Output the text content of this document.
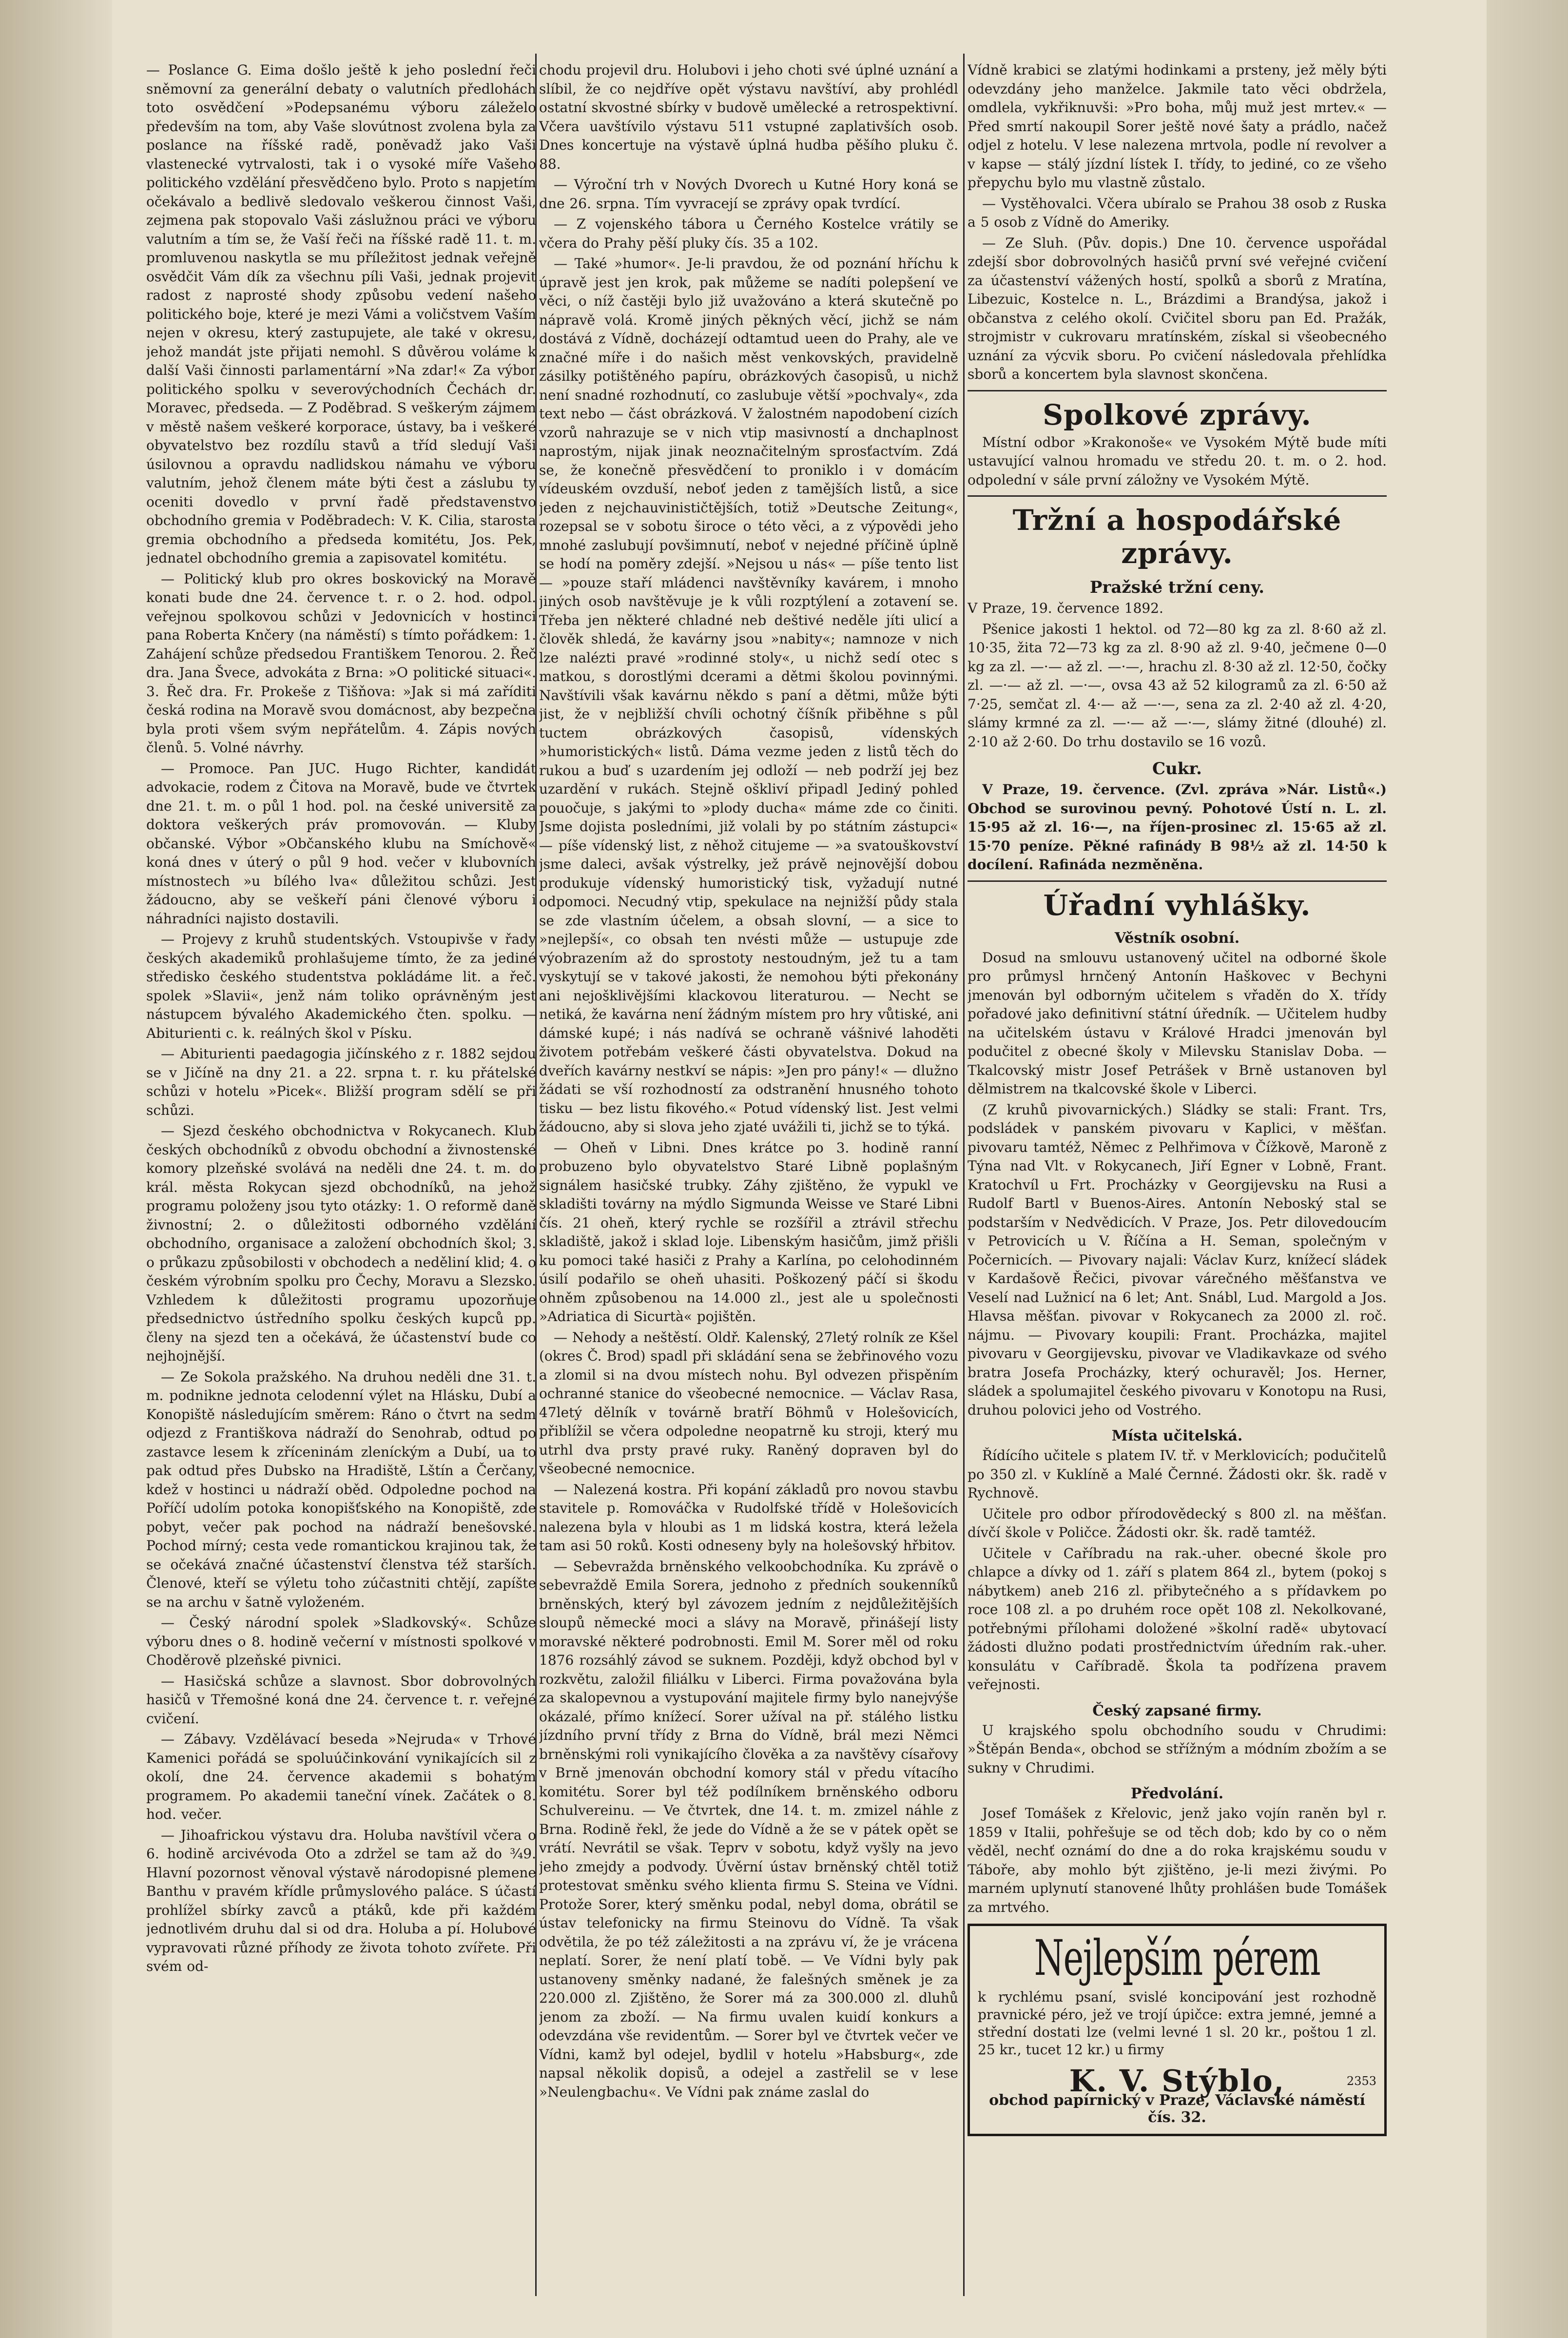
— Poslance G. Eima došlo ještě k jeho poslední řeči sněmovní za generální debaty o valutních předlohách toto osvědčení »Podepsanému výboru záleželo především na tom, aby Vaše slovútnost zvolena byla za poslance na říšské radě, poněvadž jako Vaši vlastenecké vytrvalosti, tak i o vysoké míře Vašeho politického vzdělání přesvědčeno bylo. Proto s napjetím očekávalo a bedlivě sledovalo veškerou činnost Vaši, zejmena pak stopovalo Vaši záslužnou práci ve výboru valutním a tím se, že Vaší řeči na říšské radě 11. t. m. promluvenou naskytla se mu příležitost jednak veřejně osvědčit Vám dík za všechnu píli Vaši, jednak projevit radost z naprosté shody způsobu vedení našeho politického boje, které je mezi Vámi a voličstvem Vaším nejen v okresu, který zastupujete, ale také v okresu, jehož mandát jste přijati nemohl. S důvěrou voláme k další Vaši činnosti parlamentární »Na zdar!« Za výbor politického spolku v severovýchodních Čechách dr. Moravec, předseda. — Z Poděbrad. S veškerým zájmem v městě našem veškeré korporace, ústavy, ba i veškeré obyvatelstvo bez rozdílu stavů a tříd sledují Vaši úsilovnou a opravdu nadlidskou námahu ve výboru valutním, jehož členem máte býti čest a záslubu ty oceniti dovedlo v první řadě představenstvo obchodního gremia v Poděbradech: V. K. Cilia, starosta gremia obchodního a předseda komitétu, Jos. Pek, jednatel obchodního gremia a zapisovatel komitétu.

— Politický klub pro okres boskovický na Moravě konati bude dne 24. července t. r. o 2. hod. odpol. veřejnou spolkovou schůzi v Jedovnicích v hostinci pana Roberta Knčery (na náměstí) s tímto pořádkem: 1. Zahájení schůze předsedou Františkem Tenorou. 2. Řeč dra. Jana Švece, advokáta z Brna: »O politické situaci«. 3. Řeč dra. Fr. Prokeše z Tišňova: »Jak si má zaříditi česká rodina na Moravě svou domácnost, aby bezpečna byla proti všem svým nepřátelům. 4. Zápis nových členů. 5. Volné návrhy.

— Promoce. Pan JUC. Hugo Richter, kandidát advokacie, rodem z Čitova na Moravě, bude ve čtvrtek dne 21. t. m. o půl 1 hod. pol. na české universitě za doktora veškerých práv promovován. — Kluby občanské. Výbor »Občanského klubu na Smíchově« koná dnes v úterý o půl 9 hod. večer v klubovních místnostech »u bílého lva« důležitou schůzi. Jest žádoucno, aby se veškeří páni členové výboru i náhradníci najisto dostavili.

— Projevy z kruhů studentských. Vstoupivše v řady českých akademiků prohlašujeme tímto, že za jediné středisko českého studentstva pokládáme lit. a řeč. spolek »Slavii«, jenž nám toliko oprávněným jest nástupcem bývalého Akademického čten. spolku. — Abiturienti c. k. reálných škol v Písku.

— Abiturienti paedagogia jičínského z r. 1882 sejdou se v Jičíně na dny 21. a 22. srpna t. r. ku přátelské schůzi v hotelu »Picek«. Bližší program sdělí se při schůzi.

— Sjezd českého obchodnictva v Rokycanech. Klub českých obchodníků z obvodu obchodní a živnostenské komory plzeňské svolává na neděli dne 24. t. m. do král. města Rokycan sjezd obchodníků, na jehož programu položeny jsou tyto otázky: 1. O reformě daně živnostní; 2. o důležitosti odborného vzdělání obchodního, organisace a založení obchodních škol; 3. o průkazu způsobilosti v obchodech a neděliní klid; 4. o českém výrobním spolku pro Čechy, Moravu a Slezsko. Vzhledem k důležitosti programu upozorňuje předsednictvo ústředního spolku českých kupců pp. členy na sjezd ten a očekává, že účastenství bude co nejhojnější.

— Ze Sokola pražského. Na druhou neděli dne 31. t. m. podnikne jednota celodenní výlet na Hlásku, Dubí a Konopiště následujícím směrem: Ráno o čtvrt na sedm odjezd z Františkova nádraží do Senohrab, odtud po zastavce lesem k zříceninám zleníckým a Dubí, ua to pak odtud přes Dubsko na Hradiště, Lštín a Čerčany, kdež v hostinci u nádraží oběd. Odpoledne pochod na Poříčí udolím potoka konopišťského na Konopiště, zde pobyt, večer pak pochod na nádraží benešovské. Pochod mírný; cesta vede romantickou krajinou tak, že se očekává značné účastenství členstva též starších. Členové, kteří se výletu toho zúčastniti chtějí, zapíšte se na archu v šatně vyloženém.

— Český národní spolek »Sladkovský«. Schůze výboru dnes o 8. hodině večerní v místnosti spolkové v Choděrově plzeňské pivnici.

— Hasičská schůze a slavnost. Sbor dobrovolných hasičů v Třemošné koná dne 24. července t. r. veřejné cvičení.

— Zábavy. Vzdělávací beseda »Nejruda« v Trhové Kamenici pořádá se spoluúčinkování vynikajících sil z okolí, dne 24. července akademii s bohatým programem. Po akademii taneční vínek. Začátek o 8. hod. večer.

— Jihoafrickou výstavu dra. Holuba navštívil včera o 6. hodině arcivévoda Oto a zdržel se tam až do ¾9. Hlavní pozornost věnoval výstavě národopisné plemene Banthu v pravém křídle průmyslového paláce. S účastí prohlížel sbírky zavců a ptáků, kde při každém jednotlivém druhu dal si od dra. Holuba a pí. Holubové vypravovati různé příhody ze života tohoto zvířete. Při svém od-

chodu projevil dru. Holubovi i jeho choti své úplné uznání a slíbil, že co nejdříve opět výstavu navštíví, aby prohlédl ostatní skvostné sbírky v budově umělecké a retrospektivní. Včera uavštívilo výstavu 511 vstupné zaplativších osob. Dnes koncertuje na výstavě úplná hudba pěšího pluku č. 88.

— Výroční trh v Nových Dvorech u Kutné Hory koná se dne 26. srpna. Tím vyvracejí se zprávy opak tvrdící.

— Z vojenského tábora u Černého Kostelce vrátily se včera do Prahy pěší pluky čís. 35 a 102.

— Také »humor«. Je-li pravdou, že od poznání hříchu k úpravě jest jen krok, pak můžeme se nadíti polepšení ve věci, o níž častěji bylo již uvažováno a která skutečně po nápravě volá. Kromě jiných pěkných věcí, jichž se nám dostává z Vídně, docházejí odtamtud ueen do Prahy, ale ve značné míře i do našich měst venkovských, pravidelně zásilky potištěného papíru, obrázkových časopisů, u nichž není snadné rozhodnutí, co zaslubuje větší »pochvaly«, zda text nebo — část obrázková. V žalostném napodobení cizích vzorů nahrazuje se v nich vtip masivností a dnchaplnost naprostým, nijak jinak neoznačitelným sprosťactvím. Zdá se, že konečně přesvědčení to proniklo i v domácím vídeuském ovzduší, neboť jeden z tamějších listů, a sice jeden z nejchauvinističtějších, totiž »Deutsche Zeitung«, rozepsal se v sobotu široce o této věci, a z výpovědi jeho mnohé zaslubují povšimnutí, neboť v nejedné příčině úplně se hodí na poměry zdejší. »Nejsou u nás« — píše tento list — »pouze staří mládenci navštěvníky kavárem, i mnoho jiných osob navštěvuje je k vůli rozptýlení a zotavení se. Třeba jen některé chladné neb deštivé neděle jíti ulicí a člověk shledá, že kavárny jsou »nabity«; namnoze v nich lze nalézti pravé »rodinné stoly«, u nichž sedí otec s matkou, s dorostlými dcerami a dětmi školou povinnými. Navštívili však kavárnu někdo s paní a dětmi, může býti jist, že v nejbližší chvíli ochotný číšník přiběhne s půl tuctem obrázkových časopisů, vídenských »humoristických« listů. Dáma vezme jeden z listů těch do rukou a buď s uzardením jej odloží — neb podrží jej bez uzardění v rukách. Stejně oškliví připadl Jediný pohled pouočuje, s jakými to »plody ducha« máme zde co činiti. Jsme dojista posledními, již volali by po státním zástupci« — píše vídenský list, z něhož citujeme — »a svatouškovství jsme daleci, avšak výstrelky, jež právě nejnovější dobou produkuje vídenský humoristický tisk, vyžadují nutné odpomoci. Necudný vtip, spekulace na nejnižší půdy stala se zde vlastním účelem, a obsah slovní, — a sice to »nejlepší«, co obsah ten nvésti může — ustupuje zde výobrazením až do sprostoty nestoudným, jež tu a tam vyskytují se v takové jakosti, že nemohou býti překonány ani nejošklivějšími klackovou literaturou. — Necht se netiká, že kavárna není žádným místem pro hry vůtiské, ani dámské kupé; i nás nadívá se ochraně vášnivé lahoděti životem potřebám veškeré části obyvatelstva. Dokud na dveřích kavárny nestkví se nápis: »Jen pro pány!« — dlužno žádati se vší rozhodností za odstranění hnusného tohoto tisku — bez listu fikového.« Potud vídenský list. Jest velmi žádoucno, aby si slova jeho zjaté uvážili ti, jichž se to týká.

— Oheň v Libni. Dnes krátce po 3. hodině ranní probuzeno bylo obyvatelstvo Staré Libně poplašným signálem hasičské trubky. Záhy zjištěno, že vypukl ve skladišti továrny na mýdlo Sigmunda Weisse ve Staré Libni čís. 21 oheň, který rychle se rozšířil a ztrávil střechu skladiště, jakož i sklad loje. Libenským hasičům, jimž přišli ku pomoci také hasiči z Prahy a Karlína, po celohodinném úsilí podařilo se oheň uhasiti. Poškozený páčí si škodu ohněm způsobenou na 14.000 zl., jest ale u společnosti »Adriatica di Sicurtà« pojištěn.

— Nehody a neštěstí. Oldř. Kalenský, 27letý rolník ze Kšel (okres Č. Brod) spadl při skládání sena se žebřinového vozu a zlomil si na dvou místech nohu. Byl odvezen přispěním ochranné stanice do všeobecné nemocnice. — Václav Rasa, 47letý dělník v továrně bratří Böhmů v Holešovicích, přiblížil se včera odpoledne neopatrně ku stroji, který mu utrhl dva prsty pravé ruky. Raněný dopraven byl do všeobecné nemocnice.

— Nalezená kostra. Při kopání základů pro novou stavbu stavitele p. Romováčka v Rudolfské třídě v Holešovicích nalezena byla v hloubi as 1 m lidská kostra, která ležela tam asi 50 roků. Kosti odneseny byly na holešovský hřbitov.

— Sebevražda brněnského velkoobchodníka. Ku zprávě o sebevraždě Emila Sorera, jednoho z předních soukenníků brněnských, který byl závozem jedním z nejdůležitějších sloupů německé moci a slávy na Moravě, přinášejí listy moravské některé podrobnosti. Emil M. Sorer měl od roku 1876 rozsáhlý závod se suknem. Později, když obchod byl v rozkvětu, založil filiálku v Liberci. Firma považována byla za skalopevnou a vystupování majitele firmy bylo nanejvýše okázalé, přímo knížecí. Sorer užíval na př. stálého listku jízdního první třídy z Brna do Vídně, brál mezi Němci brněnskými roli vynikajícího člověka a za navštěvy císařovy v Brně jmenován obchodní komory stál v předu vítacího komitétu. Sorer byl též podílníkem brněnského odboru Schulvereinu. — Ve čtvrtek, dne 14. t. m. zmizel náhle z Brna. Rodině řekl, že jede do Vídně a že se v pátek opět se vrátí. Nevrátil se však. Teprv v sobotu, když vyšly na jevo jeho zmejdy a podvody. Úvěrní ústav brněnský chtěl totiž protestovat směnku svého klienta firmu S. Steina ve Vídni. Protože Sorer, který směnku podal, nebyl doma, obrátil se ústav telefonicky na firmu Steinovu do Vídně. Ta však odvětila, že po též záležitosti a na zprávu ví, že je vrácena neplatí. Sorer, že není platí tobě. — Ve Vídni byly pak ustanoveny směnky nadané, že falešných směnek je za 220.000 zl. Zjištěno, že Sorer má za 300.000 zl. dluhů jenom za zboží. — Na firmu uvalen kuidí konkurs a odevzdána vše revidentům. — Sorer byl ve čtvrtek večer ve Vídni, kamž byl odejel, bydlil v hotelu »Habsburg«, zde napsal několik dopisů, a odejel a zastřelil se v lese »Neulengbachu«. Ve Vídni pak známe zaslal do

Vídně krabici se zlatými hodinkami a prsteny, jež měly býti odevzdány jeho manželce. Jakmile tato věci obdržela, omdlela, vykřiknuvši: »Pro boha, můj muž jest mrtev.« — Před smrtí nakoupil Sorer ještě nové šaty a prádlo, načež odjel z hotelu. V lese nalezena mrtvola, podle ní revolver a v kapse — stálý jízdní lístek I. třídy, to jediné, co ze všeho přepychu bylo mu vlastně zůstalo.

— Vystěhovalci. Včera ubíralo se Prahou 38 osob z Ruska a 5 osob z Vídně do Ameriky.

— Ze Sluh. (Pův. dopis.) Dne 10. července uspořádal zdejší sbor dobrovolných hasičů první své veřejné cvičení za účastenství vážených hostí, spolků a sborů z Mratína, Libezuic, Kostelce n. L., Brázdimi a Brandýsa, jakož i občanstva z celého okolí. Cvičitel sboru pan Ed. Pražák, strojmistr v cukrovaru mratínském, získal si všeobecného uznání za výcvik sboru. Po cvičení následovala přehlídka sborů a koncertem byla slavnost skončena.

Spolkové zprávy.

Místní odbor »Krakonoše« ve Vysokém Mýtě bude míti ustavující valnou hromadu ve středu 20. t. m. o 2. hod. odpolední v sále první záložny ve Vysokém Mýtě.

Tržní a hospodářské zprávy.
Pražské tržní ceny.

V Praze, 19. července 1892.

Pšenice jakosti 1 hektol. od 72—80 kg za zl. 8·60 až zl. 10·35, žita 72—73 kg za zl. 8·90 až zl. 9·40, ječmene 0—0 kg za zl. —·— až zl. —·—, hrachu zl. 8·30 až zl. 12·50, čočky zl. —·— až zl. —·—, ovsa 43 až 52 kilogramů za zl. 6·50 až 7·25, semčat zl. 4·— až —·—, sena za zl. 2·40 až zl. 4·20, slámy krmné za zl. —·— až —·—, slámy žitné (dlouhé) zl. 2·10 až 2·60. Do trhu dostavilo se 16 vozů.

Cukr.

V Praze, 19. července. (Zvl. zpráva »Nár. Listů«.) Obchod se surovinou pevný. Pohotové Ústí n. L. zl. 15·95 až zl. 16·—, na říjen-prosinec zl. 15·65 až zl. 15·70 peníze. Pěkné rafinády B 98½ až zl. 14·50 k docílení. Rafináda nezměněna.

Úřadní vyhlášky.
Věstník osobní.

Dosud na smlouvu ustanovený učitel na odborné škole pro průmysl hrnčený Antonín Haškovec v Bechyni jmenován byl odborným učitelem s vřaděn do X. třídy pořadové jako definitivní státní úředník. — Učitelem hudby na učitelském ústavu v Králové Hradci jmenován byl podučitel z obecné školy v Milevsku Stanislav Doba. — Tkalcovský mistr Josef Petrášek v Brně ustanoven byl dělmistrem na tkalcovské škole v Liberci.

(Z kruhů pivovarnických.) Sládky se stali: Frant. Trs, podsládek v panském pivovaru v Kaplici, v měšťan. pivovaru tamtéž, Němec z Pelhřimova v Čížkově, Maroně z Týna nad Vlt. v Rokycanech, Jiří Egner v Lobně, Frant. Kratochvíl u Frt. Procházky v Georgijevsku na Rusi a Rudolf Bartl v Buenos-Aires. Antonín Neboský stal se podstarším v Nedvědicích. V Praze, Jos. Petr dilovedoucím v Petrovicích u V. Říčína a H. Seman, společným v Počernicích. — Pivovary najali: Václav Kurz, knížecí sládek v Kardašově Řečici, pivovar várečného měšťanstva ve Veselí nad Lužnicí na 6 let; Ant. Snábl, Lud. Margold a Jos. Hlavsa měšťan. pivovar v Rokycanech za 2000 zl. roč. nájmu. — Pivovary koupili: Frant. Procházka, majitel pivovaru v Georgijevsku, pivovar ve Vladikavkaze od svého bratra Josefa Procházky, který ochuravěl; Jos. Herner, sládek a spolumajitel českého pivovaru v Konotopu na Rusi, druhou polovici jeho od Vostrého.

Místa učitelská.

Řídícího učitele s platem IV. tř. v Merklovicích; podučitelů po 350 zl. v Kuklíně a Malé Černné. Žádosti okr. šk. radě v Rychnově.

Učitele pro odbor přírodovědecký s 800 zl. na měšťan. dívčí škole v Poličce. Žádosti okr. šk. radě tamtéž.

Učitele v Caříbradu na rak.-uher. obecné škole pro chlapce a dívky od 1. září s platem 864 zl., bytem (pokoj s nábytkem) aneb 216 zl. přibytečného a s přídavkem po roce 108 zl. a po druhém roce opět 108 zl. Nekolkované, potřebnými přílohami doložené »školní radě« ubytovací žádosti dlužno podati prostřednictvím úředním rak.-uher. konsulátu v Caříbradě. Škola ta podřízena pravem veřejnosti.

Český zapsané firmy.

U krajského spolu obchodního soudu v Chrudimi: »Štěpán Benda«, obchod se střížným a módním zbožím a se sukny v Chrudimi.

Předvolání.

Josef Tomášek z Křelovic, jenž jako vojín raněn byl r. 1859 v Italii, pohřešuje se od těch dob; kdo by co o něm věděl, nechť oznámí do dne a do roka krajskému soudu v Táboře, aby mohlo být zjištěno, je-li mezi živými. Po marném uplynutí stanovené lhůty prohlášen bude Tomášek za mrtvého.

Nejlepším pérem
k rychlému psaní, svislé koncipování jest rozhodně pravnické péro, jež ve trojí úpičce: extra jemné, jemné a střední dostati lze (velmi levné 1 sl. 20 kr., poštou 1 zl. 25 kr., tucet 12 kr.) u firmy
K. V. Stýblo,	2353
obchod papírnický v Praze, Václavské náměstí čís. 32.
